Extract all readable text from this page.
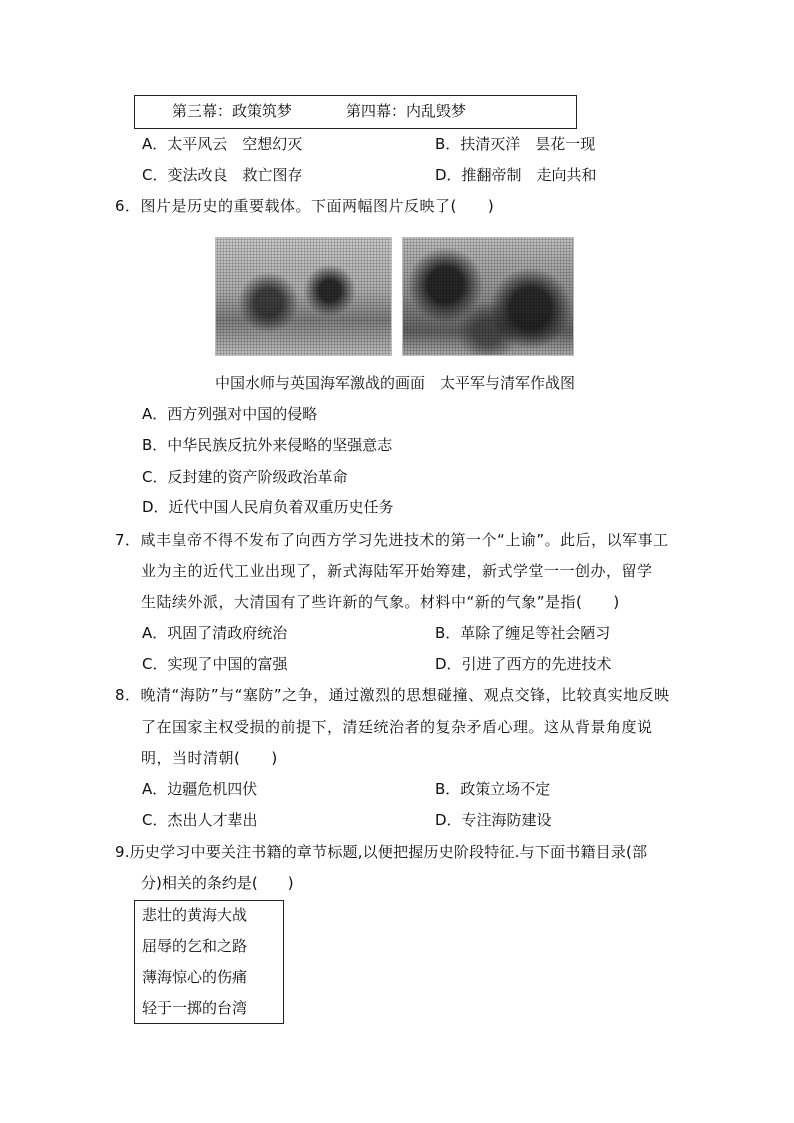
第三幕：政策筑梦	第四幕：内乱毁梦
A．太平风云　空想幻灭	B．扶清灭洋　昙花一现
C．变法改良　救亡图存	D．推翻帝制　走向共和
6．图片是历史的重要载体。下面两幅图片反映了(　　)
中国水师与英国海军激战的画面　太平军与清军作战图
A．西方列强对中国的侵略
B．中华民族反抗外来侵略的坚强意志
C．反封建的资产阶级政治革命
D．近代中国人民肩负着双重历史任务
7．咸丰皇帝不得不发布了向西方学习先进技术的第一个“上谕”。此后，以军事工
业为主的近代工业出现了，新式海陆军开始筹建，新式学堂一一创办，留学
生陆续外派，大清国有了些许新的气象。材料中“新的气象”是指(　　)
A．巩固了清政府统治	B．革除了缠足等社会陋习
C．实现了中国的富强	D．引进了西方的先进技术
8．晚清“海防”与“塞防”之争，通过激烈的思想碰撞、观点交锋，比较真实地反映
了在国家主权受损的前提下，清廷统治者的复杂矛盾心理。这从背景角度说
明，当时清朝(　　)
A．边疆危机四伏	B．政策立场不定
C．杰出人才辈出	D．专注海防建设
9.历史学习中要关注书籍的章节标题,以便把握历史阶段特征.与下面书籍目录(部
分)相关的条约是(　　)
悲壮的黄海大战
屈辱的乞和之路
薄海惊心的伤痛
轻于一掷的台湾
